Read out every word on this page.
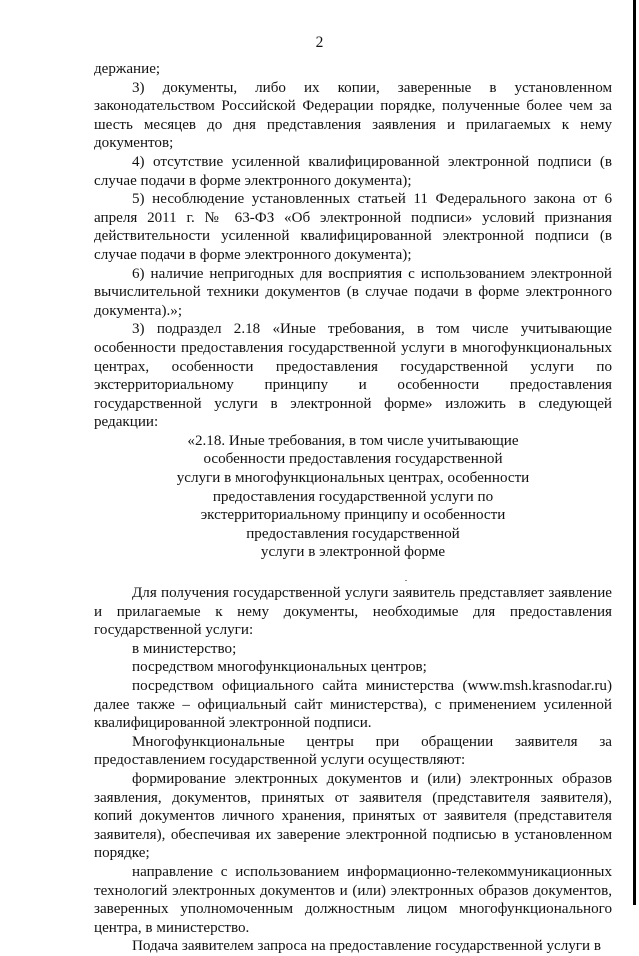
2

держание;

3) документы, либо их копии, заверенные в установленном законодательством Российской Федерации порядке, полученные более чем за шесть месяцев до дня представления заявления и прилагаемых к нему документов;

4) отсутствие усиленной квалифицированной электронной подписи (в случае подачи в форме электронного документа);

5) несоблюдение установленных статьей 11 Федерального закона от 6 апреля 2011 г. № 63-ФЗ «Об электронной подписи» условий признания действительности усиленной квалифицированной электронной подписи (в случае подачи в форме электронного документа);

6) наличие непригодных для восприятия с использованием электронной вычислительной техники документов (в случае подачи в форме электронного документа).»;

3) подраздел 2.18 «Иные требования, в том числе учитывающие особенности предоставления государственной услуги в многофункциональных центрах, особенности предоставления государственной услуги по экстерриториальному принципу и особенности предоставления государственной услуги в электронной форме» изложить в следующей редакции:

«2.18. Иные требования, в том числе учитывающие

особенности предоставления государственной

услуги в многофункциональных центрах, особенности

предоставления государственной услуги по

экстерриториальному принципу и особенности

предоставления государственной

услуги в электронной форме

Для получения государственной услуги заявитель представляет заявление и прилагаемые к нему документы, необходимые для предоставления государственной услуги:

в министерство;

посредством многофункциональных центров;

посредством официального сайта министерства (www.msh.krasnodar.ru) далее также – официальный сайт министерства), с применением усиленной квалифицированной электронной подписи.

Многофункциональные центры при обращении заявителя за предоставлением государственной услуги осуществляют:

формирование электронных документов и (или) электронных образов заявления, документов, принятых от заявителя (представителя заявителя), копий документов личного хранения, принятых от заявителя (представителя заявителя), обеспечивая их заверение электронной подписью в установленном порядке;

направление с использованием информационно-телекоммуникационных технологий электронных документов и (или) электронных образов документов, заверенных уполномоченным должностным лицом многофункционального центра, в министерство.

Подача заявителем запроса на предоставление государственной услуги в
